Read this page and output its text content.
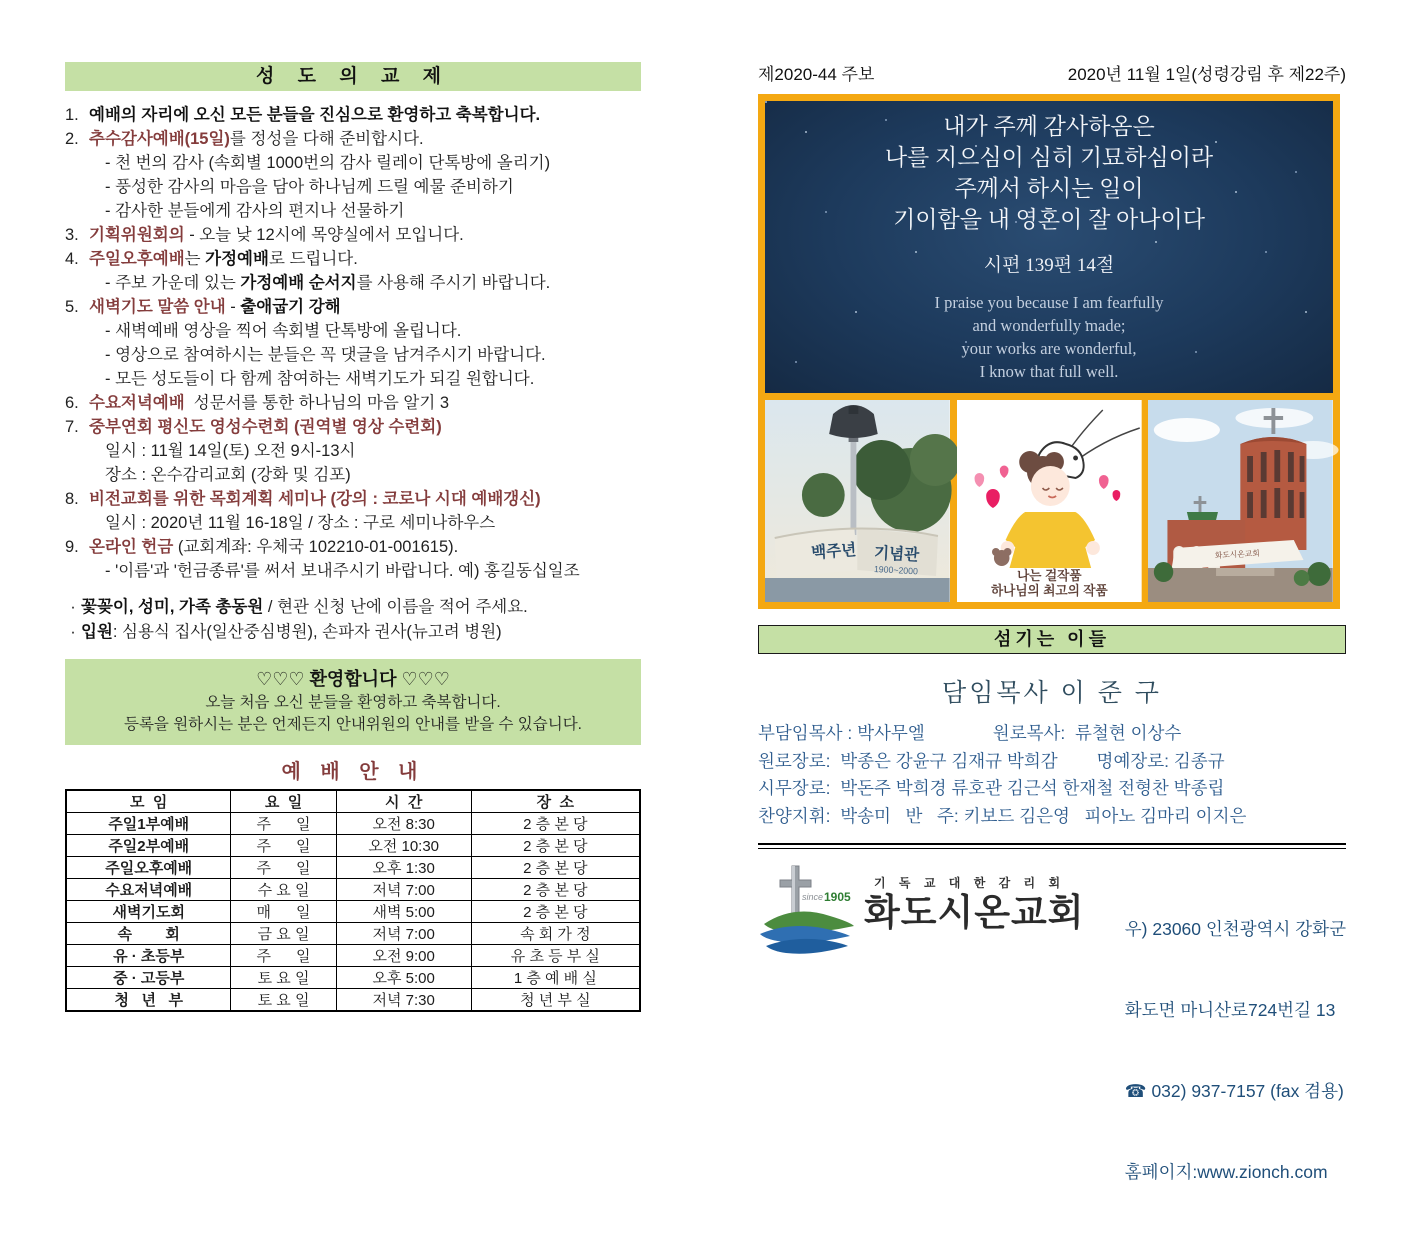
성 도 의 교 제
1. 예배의 자리에 오신 모든 분들을 진심으로 환영하고 축복합니다.
2. 추수감사예배(15일)를 정성을 다해 준비합시다.
- 천 번의 감사 (속회별 1000번의 감사 릴레이 단톡방에 올리기)
- 풍성한 감사의 마음을 담아 하나님께 드릴 예물 준비하기
- 감사한 분들에게 감사의 편지나 선물하기
3. 기획위원회의 - 오늘 낮 12시에 목양실에서 모입니다.
4. 주일오후예배는 가정예배로 드립니다.
- 주보 가운데 있는 가정예배 순서지를 사용해 주시기 바랍니다.
5. 새벽기도 말씀 안내 - 출애굽기 강해
- 새벽예배 영상을 찍어 속회별 단톡방에 올립니다.
- 영상으로 참여하시는 분들은 꼭 댓글을 남겨주시기 바랍니다.
- 모든 성도들이 다 함께 참여하는 새벽기도가 되길 원합니다.
6. 수요저녁예배  성문서를 통한 하나님의 마음 알기 3
7. 중부연회 평신도 영성수련회 (권역별 영상 수련회)
일시 : 11월 14일(토) 오전 9시-13시
장소 : 온수감리교회 (강화 및 김포)
8. 비전교회를 위한 목회계획 세미나 (강의 : 코로나 시대 예배갱신)
일시 : 2020년 11월 16-18일 / 장소 : 구로 세미나하우스
9. 온라인 헌금 (교회계좌: 우체국 102210-01-001615).
- '이름'과 '헌금종류'를 써서 보내주시기 바랍니다. 예) 홍길동십일조
· 꽃꽂이, 성미, 가족 총동원 / 현관 신청 난에 이름을 적어 주세요.
· 입원: 심용식 집사(일산중심병원), 손파자 권사(뉴고려 병원)
♡♡♡ 환영합니다 ♡♡♡
오늘 처음 오신 분들을 환영하고 축복합니다.
등록을 원하시는 분은 언제든지 안내위원의 안내를 받을 수 있습니다.
예 배 안 내
모  임	요  일	시  간	장  소
주일1부예배	주      일	오전 8:30	2 층 본 당
주일2부예배	주      일	오전 10:30	2 층 본 당
주일오후예배	주      일	오후 1:30	2 층 본 당
수요저녁예배	수 요 일	저녁 7:00	2 층 본 당
새벽기도회	매      일	새벽 5:00	2 층 본 당
속        회	금 요 일	저녁 7:00	속 회 가 정
유 · 초등부	주      일	오전 9:00	유 초 등 부 실
중 · 고등부	토 요 일	오후 5:00	1 층 예 배 실
청   년   부	토 요 일	저녁 7:30	청 년 부 실
제2020-44 주보	2020년 11월 1일(성령강림 후 제22주)
내가 주께 감사하옴은
나를 지으심이 심히 기묘하심이라
주께서 하시는 일이
기이함을 내 영혼이 잘 아나이다
시편 139편 14절
I praise you because I am fearfully
and wonderfully made;
your works are wonderful,
I know that full well.
백주년 기념관
1900~2000	나는 걸작품
하나님의 최고의 작품
화도시온교회
섬기는 이들
담임목사 이 준 구
부담임목사 : 박사무엘              원로목사:  류철현 이상수
원로장로:  박종은 강윤구 김재규 박희감        명예장로: 김종규
시무장로:  박돈주 박희경 류호관 김근석 한재철 전형찬 박종립
찬양지휘:  박송미   반   주: 키보드 김은영   피아노 김마리 이지은
since 1905
기 독 교 대 한 감 리 회
화도시온교회

우) 23060 인천광역시 강화군

화도면 마니산로724번길 13

☎ 032) 937-7157 (fax 겸용)

홈페이지:www.zionch.com
